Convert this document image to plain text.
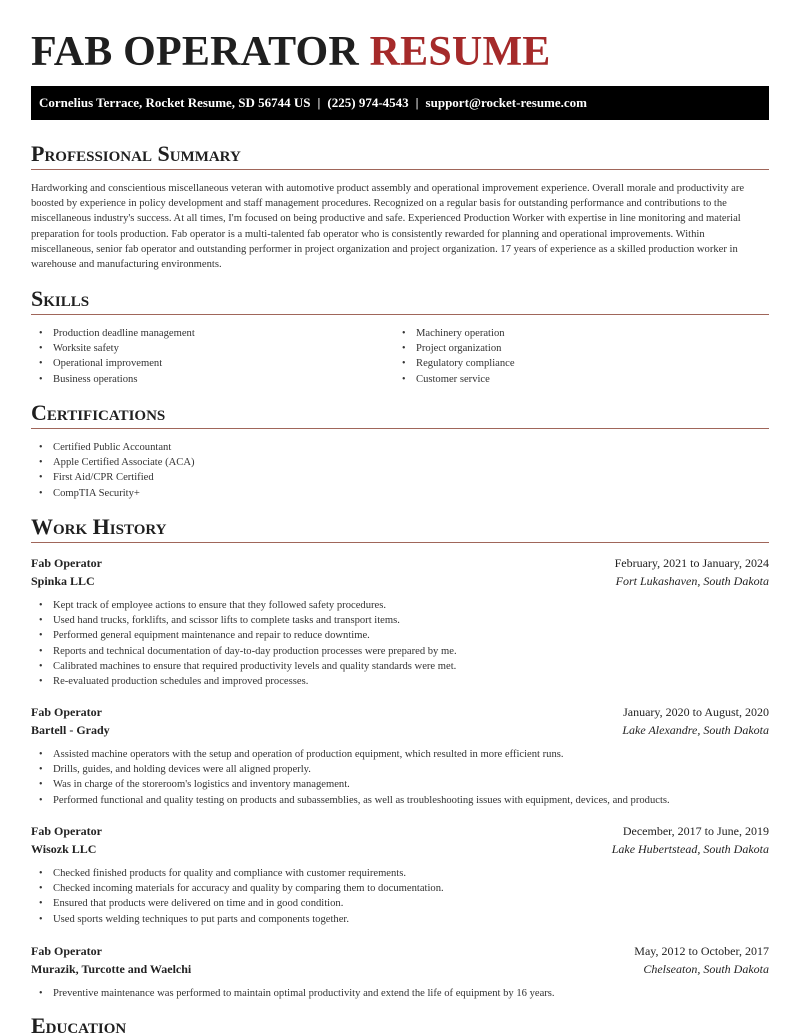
FAB OPERATOR RESUME
Cornelius Terrace, Rocket Resume, SD 56744 US | (225) 974-4543 | support@rocket-resume.com
Professional Summary
Hardworking and conscientious miscellaneous veteran with automotive product assembly and operational improvement experience. Overall morale and productivity are boosted by experience in policy development and staff management procedures. Recognized on a regular basis for outstanding performance and contributions to the miscellaneous industry's success. At all times, I'm focused on being productive and safe. Experienced Production Worker with expertise in line monitoring and material preparation for tools production. Fab operator is a multi-talented fab operator who is consistently rewarded for planning and operational improvements. Within miscellaneous, senior fab operator and outstanding performer in project organization and project organization. 17 years of experience as a skilled production worker in warehouse and manufacturing environments.
Skills
• Production deadline management
• Worksite safety
• Operational improvement
• Business operations
• Machinery operation
• Project organization
• Regulatory compliance
• Customer service
Certifications
• Certified Public Accountant
• Apple Certified Associate (ACA)
• First Aid/CPR Certified
• CompTIA Security+
Work History
Fab Operator	February, 2021 to January, 2024
Spinka LLC	Fort Lukashaven, South Dakota
• Kept track of employee actions to ensure that they followed safety procedures.
• Used hand trucks, forklifts, and scissor lifts to complete tasks and transport items.
• Performed general equipment maintenance and repair to reduce downtime.
• Reports and technical documentation of day-to-day production processes were prepared by me.
• Calibrated machines to ensure that required productivity levels and quality standards were met.
• Re-evaluated production schedules and improved processes.
Fab Operator	January, 2020 to August, 2020
Bartell - Grady	Lake Alexandre, South Dakota
• Assisted machine operators with the setup and operation of production equipment, which resulted in more efficient runs.
• Drills, guides, and holding devices were all aligned properly.
• Was in charge of the storeroom's logistics and inventory management.
• Performed functional and quality testing on products and subassemblies, as well as troubleshooting issues with equipment, devices, and products.
Fab Operator	December, 2017 to June, 2019
Wisozk LLC	Lake Hubertstead, South Dakota
• Checked finished products for quality and compliance with customer requirements.
• Checked incoming materials for accuracy and quality by comparing them to documentation.
• Ensured that products were delivered on time and in good condition.
• Used sports welding techniques to put parts and components together.
Fab Operator	May, 2012 to October, 2017
Murazik, Turcotte and Waelchi	Chelseaton, South Dakota
• Preventive maintenance was performed to maintain optimal productivity and extend the life of equipment by 16 years.
Education
